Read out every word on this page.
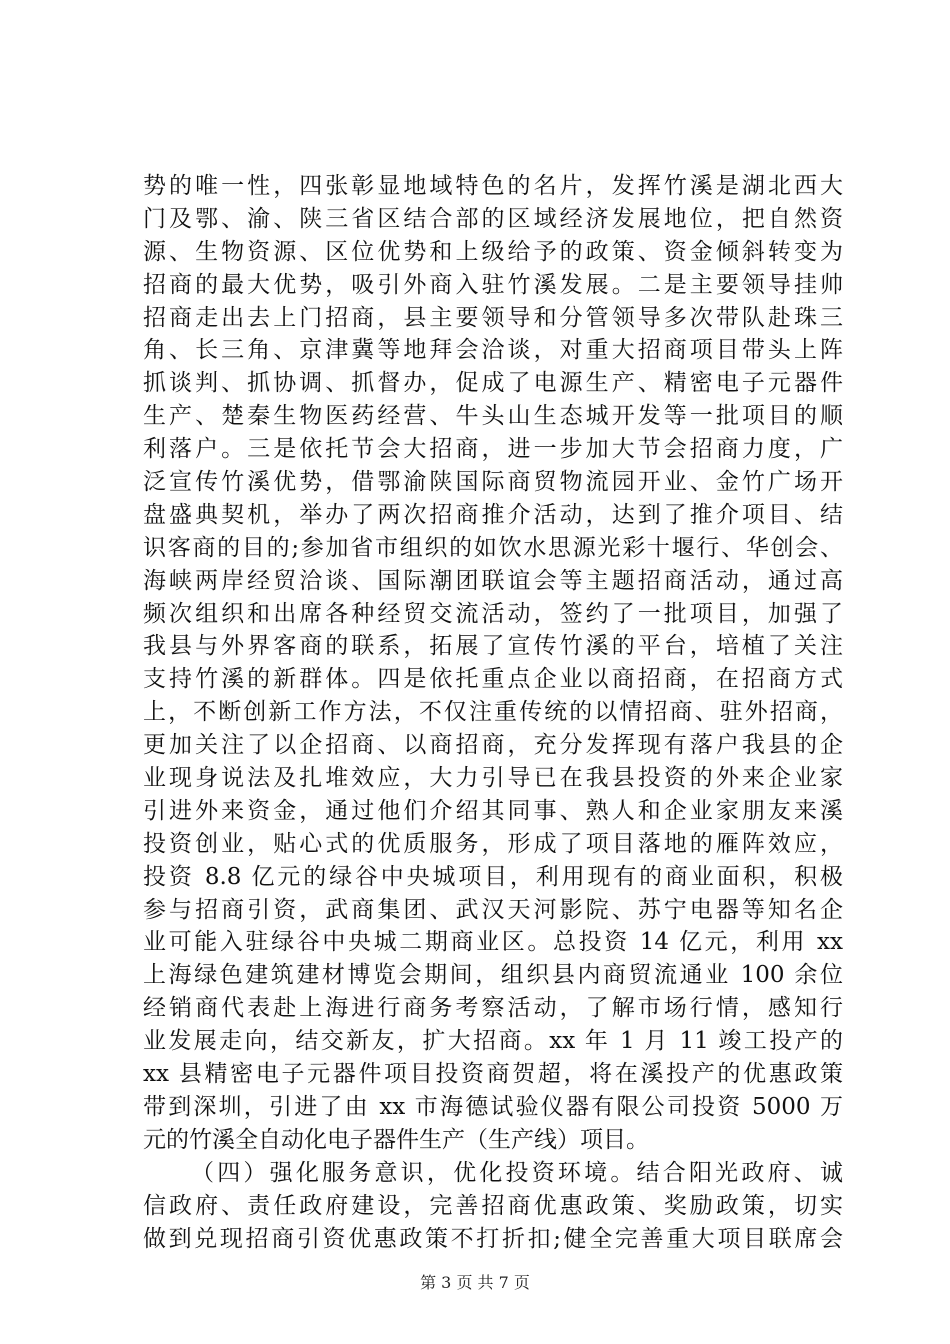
势的唯一性，四张彰显地域特色的名片，发挥竹溪是湖北西大
门及鄂、渝、陕三省区结合部的区域经济发展地位，把自然资
源、生物资源、区位优势和上级给予的政策、资金倾斜转变为
招商的最大优势，吸引外商入驻竹溪发展。二是主要领导挂帅
招商走出去上门招商，县主要领导和分管领导多次带队赴珠三
角、长三角、京津冀等地拜会洽谈，对重大招商项目带头上阵
抓谈判、抓协调、抓督办，促成了电源生产、精密电子元器件
生产、楚秦生物医药经营、牛头山生态城开发等一批项目的顺
利落户。三是依托节会大招商，进一步加大节会招商力度，广
泛宣传竹溪优势，借鄂渝陕国际商贸物流园开业、金竹广场开
盘盛典契机，举办了两次招商推介活动，达到了推介项目、结
识客商的目的;参加省市组织的如饮水思源光彩十堰行、华创会、
海峡两岸经贸洽谈、国际潮团联谊会等主题招商活动，通过高
频次组织和出席各种经贸交流活动，签约了一批项目，加强了
我县与外界客商的联系，拓展了宣传竹溪的平台，培植了关注
支持竹溪的新群体。四是依托重点企业以商招商，在招商方式
上，不断创新工作方法，不仅注重传统的以情招商、驻外招商，
更加关注了以企招商、以商招商，充分发挥现有落户我县的企
业现身说法及扎堆效应，大力引导已在我县投资的外来企业家
引进外来资金，通过他们介绍其同事、熟人和企业家朋友来溪
投资创业，贴心式的优质服务，形成了项目落地的雁阵效应，
投资 8.8 亿元的绿谷中央城项目，利用现有的商业面积，积极
参与招商引资，武商集团、武汉天河影院、苏宁电器等知名企
业可能入驻绿谷中央城二期商业区。总投资 14 亿元，利用 xx
上海绿色建筑建材博览会期间，组织县内商贸流通业 100 余位
经销商代表赴上海进行商务考察活动，了解市场行情，感知行
业发展走向，结交新友，扩大招商。xx 年 1 月 11 竣工投产的
xx 县精密电子元器件项目投资商贺超，将在溪投产的优惠政策
带到深圳，引进了由 xx 市海德试验仪器有限公司投资 5000 万
元的竹溪全自动化电子器件生产（生产线）项目。
（四）强化服务意识，优化投资环境。结合阳光政府、诚
信政府、责任政府建设，完善招商优惠政策、奖励政策，切实
做到兑现招商引资优惠政策不打折扣;健全完善重大项目联席会
第 3 页 共 7 页
